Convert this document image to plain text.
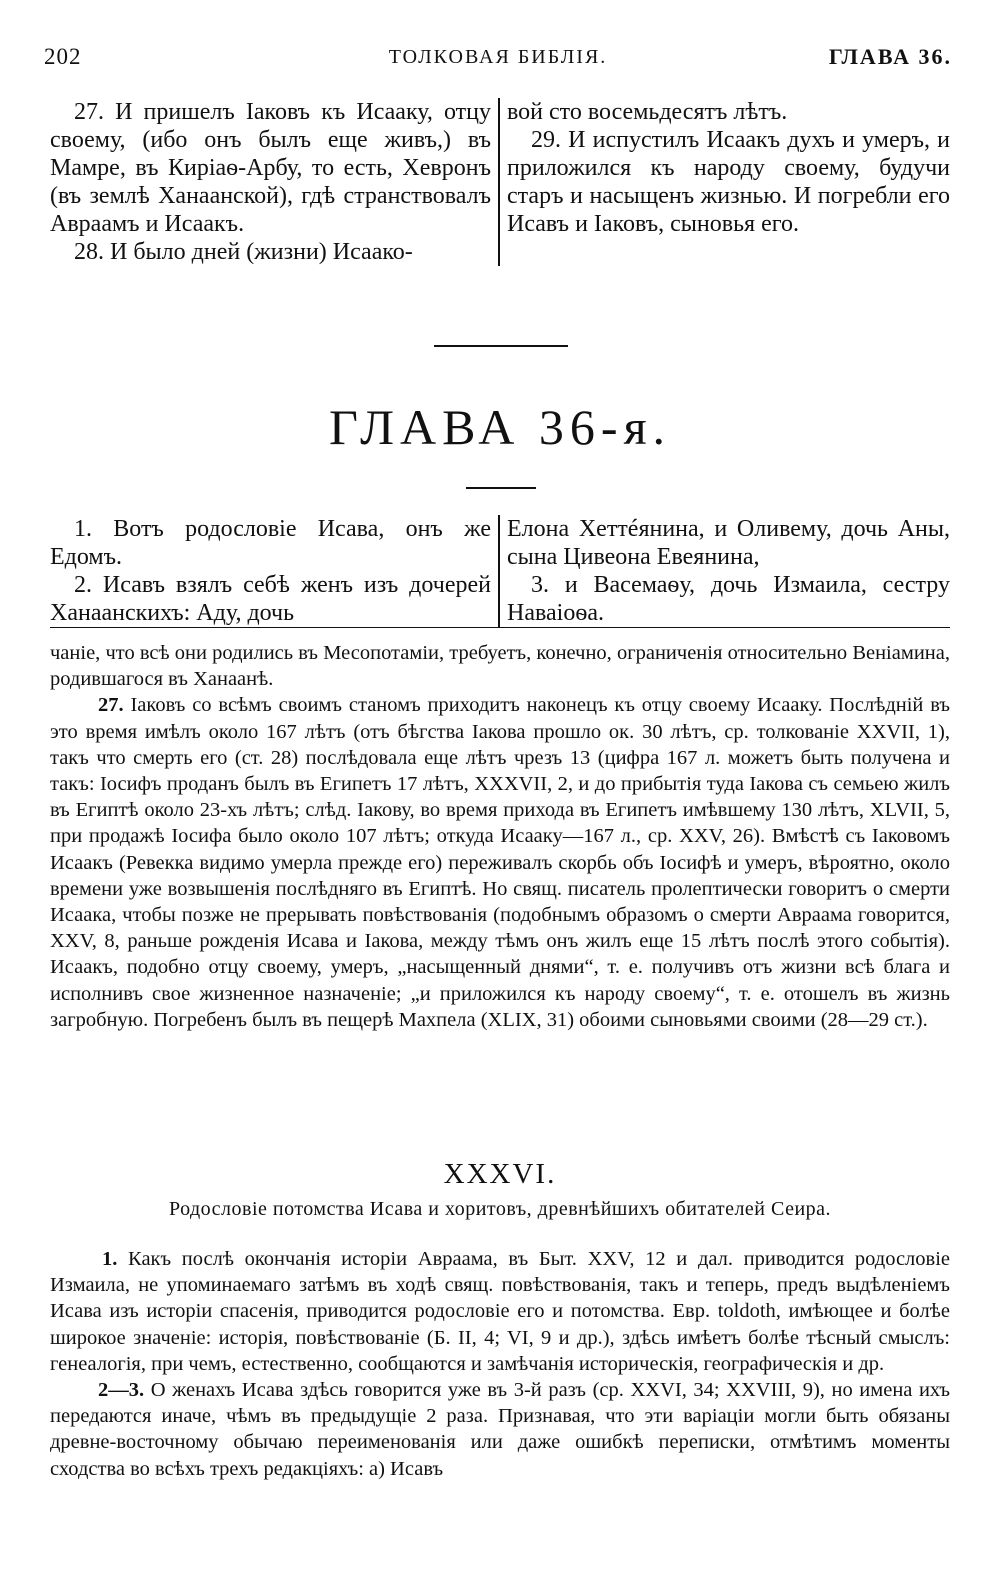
202	ТОЛКОВАЯ БИБЛІЯ.	ГЛАВА 36.

27. И пришелъ Іаковъ къ Исааку, отцу своему, (ибо онъ былъ еще живъ,) въ Мамре, въ Киріаѳ-Арбу, то есть, Хевронъ (въ землѣ Ханаанской), гдѣ странствовалъ Авраамъ и Исаакъ.

28. И было дней (жизни) Исаако-

вой сто восемьдесятъ лѣтъ.

29. И испустилъ Исаакъ духъ и умеръ, и приложился къ народу своему, будучи старъ и насыщенъ жизнью. И погребли его Исавъ и Іаковъ, сыновья его.

ГЛАВА 36-я.

1. Вотъ родословіе Исава, онъ же Едомъ.

2. Исавъ взялъ себѣ женъ изъ дочерей Ханаанскихъ: Аду, дочь

Елона Хеттéянина, и Оливему, дочь Аны, сына Цивеона Евеянина,

3. и Васемаѳу, дочь Измаила, сестру Наваіоѳа.

чаніе, что всѣ они родились въ Месопотаміи, требуетъ, конечно, ограниченія относительно Веніамина, родившагося въ Ханаанѣ.

27. Іаковъ со всѣмъ своимъ станомъ приходитъ наконецъ къ отцу своему Исааку. Послѣдній въ это время имѣлъ около 167 лѣтъ (отъ бѣгства Іакова прошло ок. 30 лѣтъ, ср. толкованіе XXVII, 1), такъ что смерть его (ст. 28) послѣдовала еще лѣтъ чрезъ 13 (цифра 167 л. можетъ быть получена и такъ: Іосифъ проданъ былъ въ Египетъ 17 лѣтъ, XXXVII, 2, и до прибытія туда Іакова съ семьею жилъ въ Египтѣ около 23-хъ лѣтъ; слѣд. Іакову, во время прихода въ Египетъ имѣвшему 130 лѣтъ, XLVII, 5, при продажѣ Іосифа было около 107 лѣтъ; откуда Исааку—167 л., ср. XXV, 26). Вмѣстѣ съ Іаковомъ Исаакъ (Ревекка видимо умерла прежде его) переживалъ скорбь объ Іосифѣ и умеръ, вѣроятно, около времени уже возвышенія послѣдняго въ Египтѣ. Но свящ. писатель пролептически говоритъ о смерти Исаака, чтобы позже не прерывать повѣствованія (подобнымъ образомъ о смерти Авраама говорится, XXV, 8, раньше рожденія Исава и Іакова, между тѣмъ онъ жилъ еще 15 лѣтъ послѣ этого событія). Исаакъ, подобно отцу своему, умеръ, „насыщенный днями“, т. е. получивъ отъ жизни всѣ блага и исполнивъ свое жизненное назначеніе; „и приложился къ народу своему“, т. е. отошелъ въ жизнь загробную. Погребенъ былъ въ пещерѣ Махпела (XLIX, 31) обоими сыновьями своими (28—29 ст.).

XXXVI.
Родословіе потомства Исава и хоритовъ, древнѣйшихъ обитателей Сеира.

1. Какъ послѣ окончанія исторіи Авраама, въ Быт. XXV, 12 и дал. приводится родословіе Измаила, не упоминаемаго затѣмъ въ ходѣ свящ. повѣствованія, такъ и теперь, предъ выдѣленіемъ Исава изъ исторіи спасенія, приводится родословіе его и потомства. Евр. toldoth, имѣющее и болѣе широкое значеніе: исторія, повѣствованіе (Б. II, 4; VI, 9 и др.), здѣсь имѣетъ болѣе тѣсный смыслъ: генеалогія, при чемъ, естественно, сообщаются и замѣчанія историческія, географическія и др.

2—3. О женахъ Исава здѣсь говорится уже въ 3-й разъ (ср. XXVI, 34; XXVIII, 9), но имена ихъ передаются иначе, чѣмъ въ предыдущіе 2 раза. Признавая, что эти варіаціи могли быть обязаны древне-восточному обычаю переименованія или даже ошибкѣ переписки, отмѣтимъ моменты сходства во всѣхъ трехъ редакціяхъ: а) Исавъ
